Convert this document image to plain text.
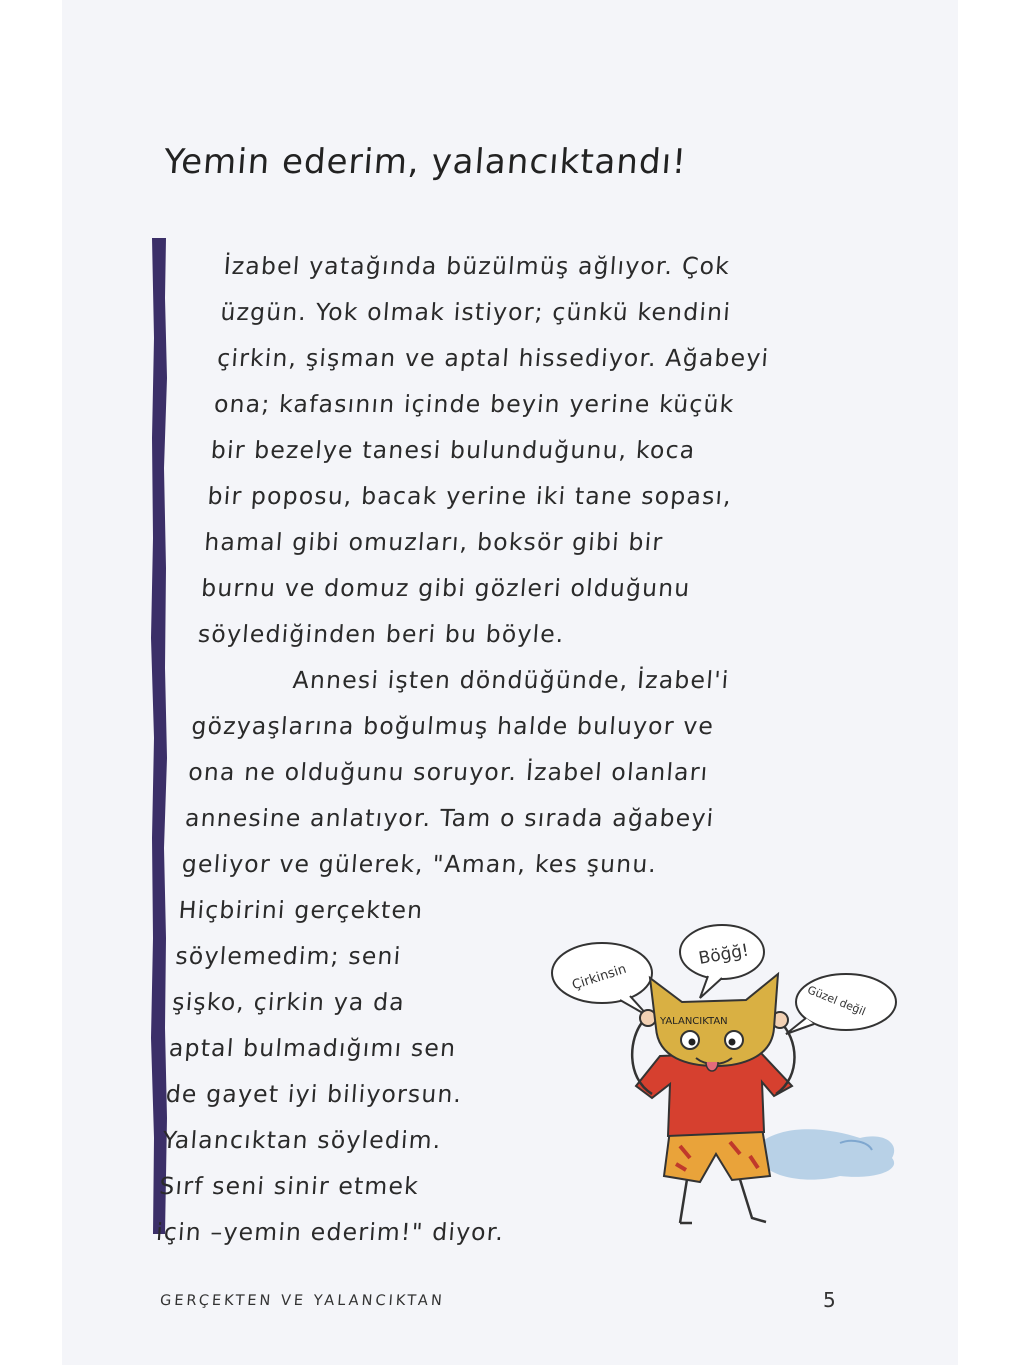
Yemin ederim, yalancıktandı!
İzabel yatağında büzülmüş ağlıyor. Çok
üzgün. Yok olmak istiyor; çünkü kendini
çirkin, şişman ve aptal hissediyor. Ağabeyi
ona; kafasının içinde beyin yerine küçük
bir bezelye tanesi bulunduğunu, koca
bir poposu, bacak yerine iki tane sopası,
hamal gibi omuzları, boksör gibi bir
burnu ve domuz gibi gözleri olduğunu
söylediğinden beri bu böyle.
Annesi işten döndüğünde, İzabel'i
gözyaşlarına boğulmuş halde buluyor ve
ona ne olduğunu soruyor. İzabel olanları
annesine anlatıyor. Tam o sırada ağabeyi
geliyor ve gülerek, "Aman, kes şunu.
Hiçbirini gerçekten
söylemedim; seni
şişko, çirkin ya da
aptal bulmadığımı sen
de gayet iyi biliyorsun.
Yalancıktan söyledim.
Sırf seni sinir etmek
için –yemin ederim!" diyor.
Çirkinsin
Böğğ!
Güzel değil
YALANCIKTAN
GERÇEKTEN VE YALANCIKTAN	5
